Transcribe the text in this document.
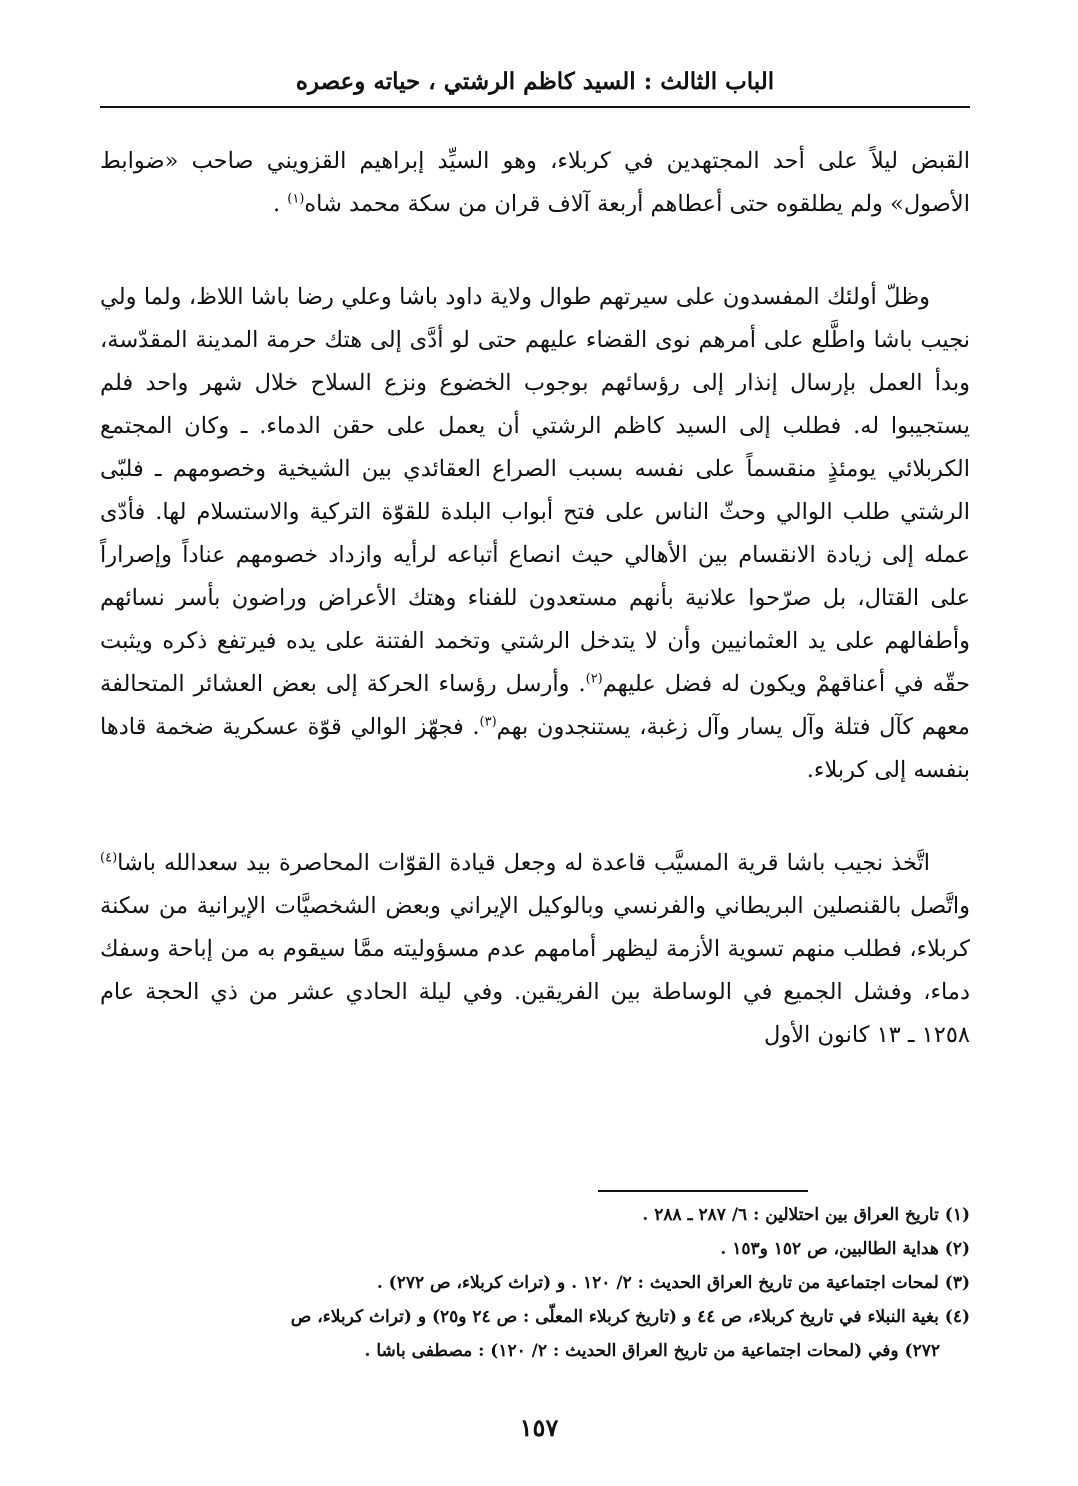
الباب الثالث : السيد كاظم الرشتي ، حياته وعصره

القبض ليلاً على أحد المجتهدين في كربلاء، وهو السيِّد إبراهيم القزويني صاحب «ضوابط الأصول» ولم يطلقوه حتى أعطاهم أربعة آلاف قران من سكة محمد شاه$^{(١)}$ .

وظلّ أولئك المفسدون على سيرتهم طوال ولاية داود باشا وعلي رضا باشا اللاظ، ولما ولي نجيب باشا واطَّلع على أمرهم نوى القضاء عليهم حتى لو أدَّى إلى هتك حرمة المدينة المقدّسة، وبدأ العمل بإرسال إنذار إلى رؤسائهم بوجوب الخضوع ونزع السلاح خلال شهر واحد فلم يستجيبوا له. فطلب إلى السيد كاظم الرشتي أن يعمل على حقن الدماء. ـ وكان المجتمع الكربلائي يومئذٍ منقسماً على نفسه بسبب الصراع العقائدي بين الشيخية وخصومهم ـ فلبّى الرشتي طلب الوالي وحثّ الناس على فتح أبواب البلدة للقوّة التركية والاستسلام لها. فأدّى عمله إلى زيادة الانقسام بين الأهالي حيث انصاع أتباعه لرأيه وازداد خصومهم عناداً وإصراراً على القتال، بل صرّحوا علانية بأنهم مستعدون للفناء وهتك الأعراض وراضون بأسر نسائهم وأطفالهم على يد العثمانيين وأن لا يتدخل الرشتي وتخمد الفتنة على يده فيرتفع ذكره ويثبت حقّه في أعناقهمْ ويكون له فضل عليهم$^{(٢)}$. وأرسل رؤساء الحركة إلى بعض العشائر المتحالفة معهم كآل فتلة وآل يسار وآل زغبة، يستنجدون بهم$^{(٣)}$. فجهّز الوالي قوّة عسكرية ضخمة قادها بنفسه إلى كربلاء.

اتَّخذ نجيب باشا قرية المسيَّب قاعدة له وجعل قيادة القوّات المحاصرة بيد سعدالله باشا$^{(٤)}$ واتَّصل بالقنصلين البريطاني والفرنسي وبالوكيل الإيراني وبعض الشخصيَّات الإيرانية من سكنة كربلاء، فطلب منهم تسوية الأزمة ليظهر أمامهم عدم مسؤوليته ممَّا سيقوم به من إباحة وسفك دماء، وفشل الجميع في الوساطة بين الفريقين. وفي ليلة الحادي عشر من ذي الحجة عام ١٢٥٨ ـ ١٣ كانون الأول

(١) تاريخ العراق بين احتلالين : ٦/ ٢٨٧ ـ ٢٨٨ .

(٢) هداية الطالبين، ص ١٥٢ و١٥٣ .

(٣) لمحات اجتماعية من تاريخ العراق الحديث : ٢/ ١٢٠ . و (تراث كربلاء، ص ٢٧٢) .

(٤) بغية النبلاء في تاريخ كربلاء، ص ٤٤ و (تاريخ كربلاء المعلّى : ص ٢٤ و٢٥) و (تراث كربلاء، ص

٢٧٢) وفي (لمحات اجتماعية من تاريخ العراق الحديث : ٢/ ١٢٠) : مصطفى باشا .

١٥٧
